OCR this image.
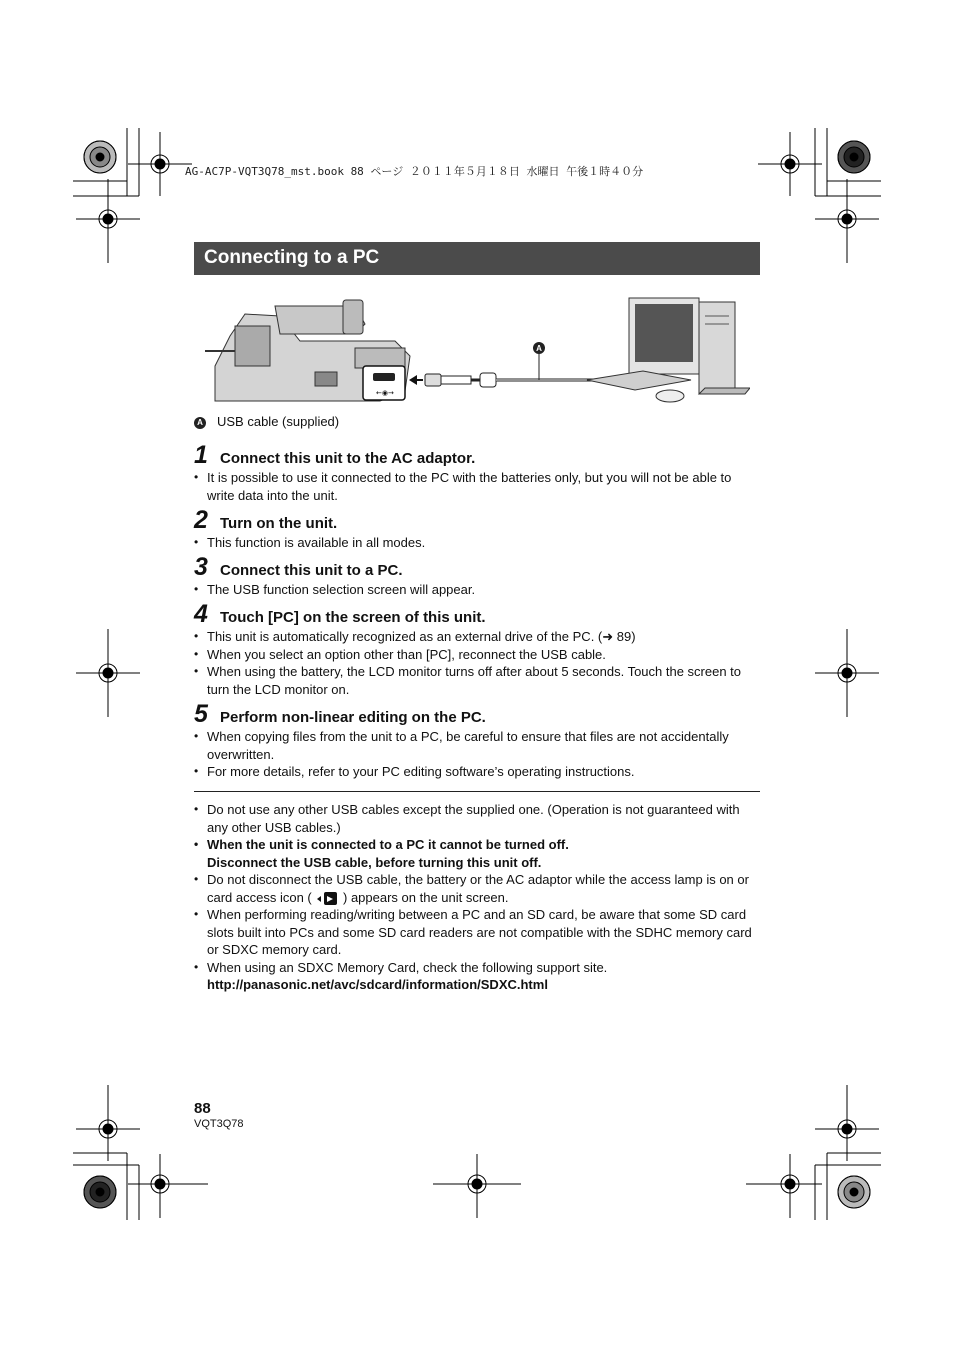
AG-AC7P-VQT3Q78_mst.book 88 ページ ２０１１年５月１８日 水曜日 午後１時４０分
Connecting to a PC
←◉→
A
A USB cable (supplied)
1 Connect this unit to the AC adaptor.
• It is possible to use it connected to the PC with the batteries only, but you will not be able to write data into the unit.
2 Turn on the unit.
• This function is available in all modes.
3 Connect this unit to a PC.
• The USB function selection screen will appear.
4 Touch [PC] on the screen of this unit.
• This unit is automatically recognized as an external drive of the PC. (➜ 89)
• When you select an option other than [PC], reconnect the USB cable.
• When using the battery, the LCD monitor turns off after about 5 seconds. Touch the screen to turn the LCD monitor on.
5 Perform non-linear editing on the PC.
• When copying files from the unit to a PC, be careful to ensure that files are not accidentally overwritten.
• For more details, refer to your PC editing software’s operating instructions.
• Do not use any other USB cables except the supplied one. (Operation is not guaranteed with any other USB cables.)
• When the unit is connected to a PC it cannot be turned off.
Disconnect the USB cable, before turning this unit off.
• Do not disconnect the USB cable, the battery or the AC adaptor while the access lamp is on or card access icon ( ) appears on the unit screen.
• When performing reading/writing between a PC and an SD card, be aware that some SD card slots built into PCs and some SD card readers are not compatible with the SDHC memory card or SDXC memory card.
• When using an SDXC Memory Card, check the following support site.
http://panasonic.net/avc/sdcard/information/SDXC.html
88
VQT3Q78
